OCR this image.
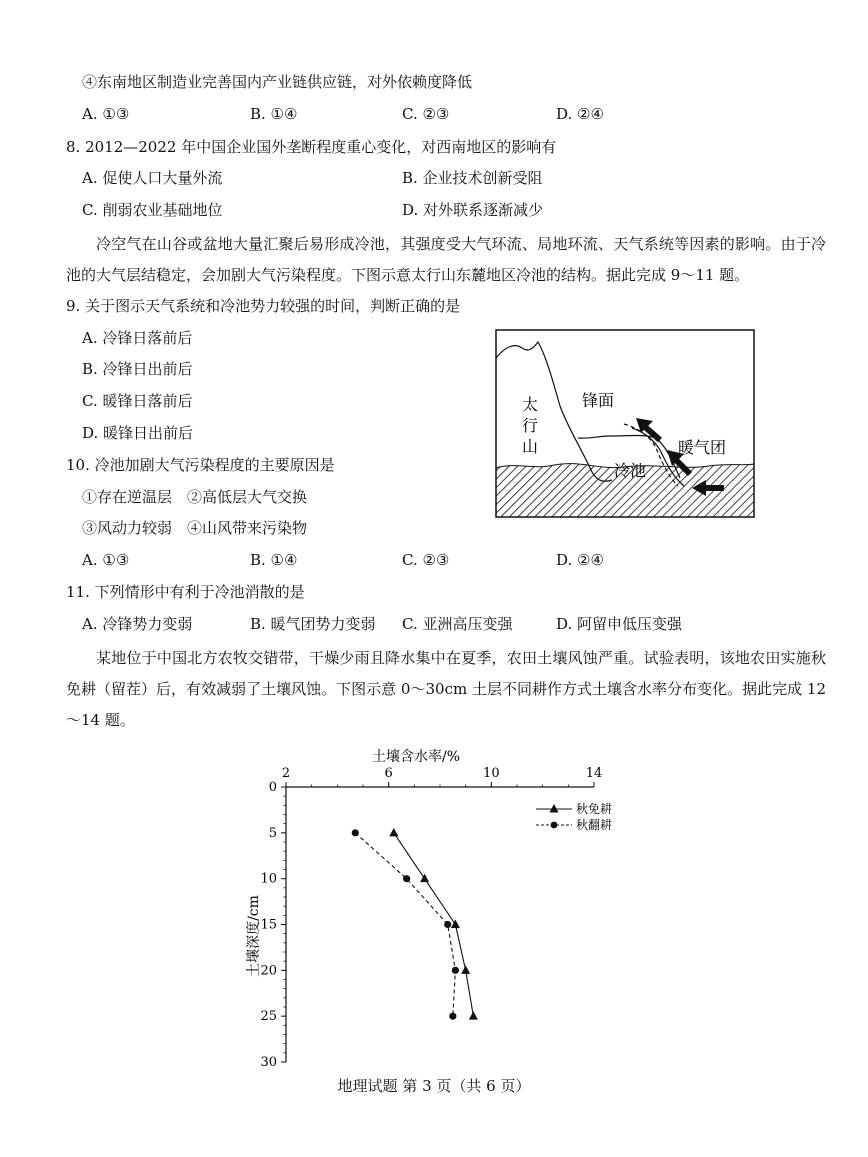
④东南地区制造业完善国内产业链供应链，对外依赖度降低
A. ①③	B. ①④	C. ②③	D. ②④
8. 2012—2022 年中国企业国外垄断程度重心变化，对西南地区的影响有
A. 促使人口大量外流	B. 企业技术创新受阻
C. 削弱农业基础地位	D. 对外联系逐渐减少
冷空气在山谷或盆地大量汇聚后易形成冷池，其强度受大气环流、局地环流、天气系统等因素的影响。由于冷池的大气层结稳定，会加剧大气污染程度。下图示意太行山东麓地区冷池的结构。据此完成 9～11 题。
9. 关于图示天气系统和冷池势力较强的时间，判断正确的是
A. 冷锋日落前后
B. 冷锋日出前后
C. 暖锋日落前后
D. 暖锋日出前后
10. 冷池加剧大气污染程度的主要原因是
①存在逆温层　②高低层大气交换
③风动力较弱　④山风带来污染物
A. ①③	B. ①④	C. ②③	D. ②④
11. 下列情形中有利于冷池消散的是
A. 冷锋势力变弱	B. 暖气团势力变弱 C. 亚洲高压变强	D. 阿留申低压变强
某地位于中国北方农牧交错带，干燥少雨且降水集中在夏季，农田土壤风蚀严重。试验表明，该地农田实施秋免耕（留茬）后，有效减弱了土壤风蚀。下图示意 0～30cm 土层不同耕作方式土壤含水率分布变化。据此完成 12～14 题。
太
行
山
锋面
暖气团
冷池
土壤含水率/%
土壤深度/cm
2	6	10	14
0
5
10
15
20
25
30
秋免耕
秋翻耕
地理试题 第 3 页（共 6 页）
